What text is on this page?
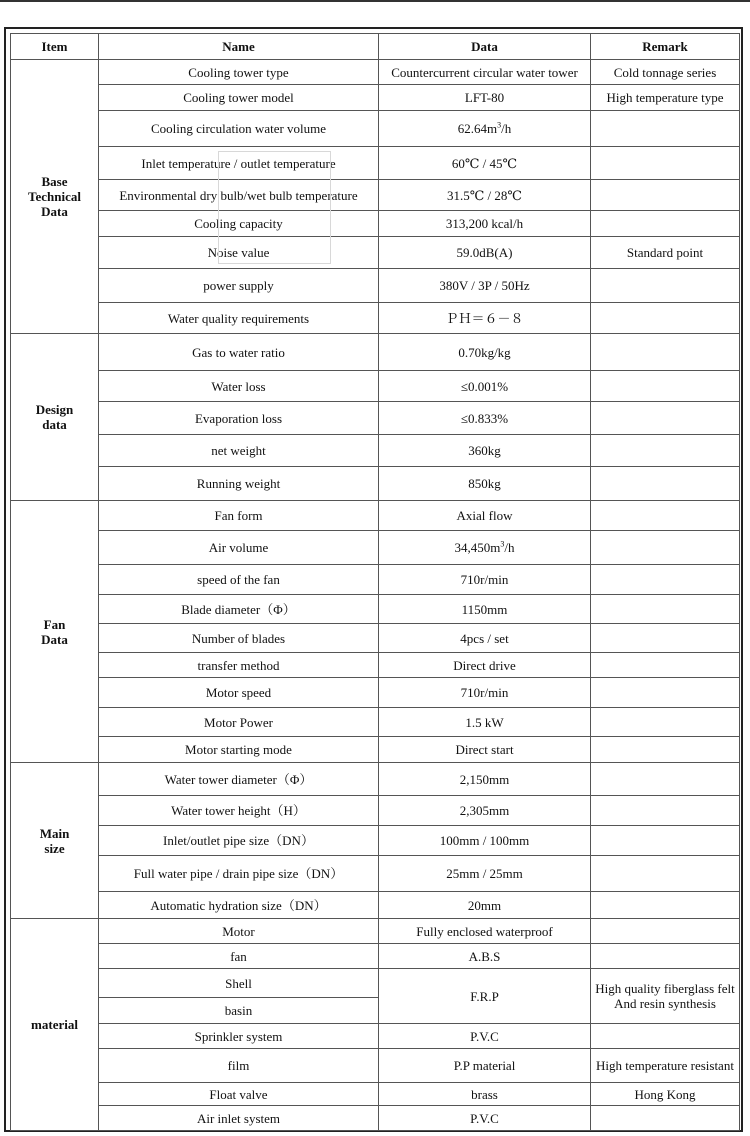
Item	Name	Data	Remark
Base
Technical
Data	Cooling tower type	Countercurrent circular water tower	Cold tonnage series
	Cooling tower model	LFT-80	High temperature type
	Cooling circulation water volume	$62.64m^3/h$	
	Inlet temperature / outlet temperature	60℃ / 45℃	
	Environmental dry bulb/wet bulb temperature	31.5℃ / 28℃	
	Cooling capacity	313,200 kcal/h	
	Noise value	59.0dB(A)	Standard point
	power supply	380V / 3P / 50Hz	
	Water quality requirements	ＰＨ＝６－８	
Design
data	Gas to water ratio	0.70kg/kg	
	Water loss	≤0.001%	
	Evaporation loss	≤0.833%	
	net weight	360kg	
	Running weight	850kg	
Fan
Data	Fan form	Axial flow	
	Air volume	$34,450m^3/h$	
	speed of the fan	710r/min	
	Blade diameter（Φ）	1150mm	
	Number of blades	4pcs / set	
	transfer method	Direct drive	
	Motor speed	710r/min	
	Motor Power	1.5 kW	
	Motor starting mode	Direct start	
Main
size	Water tower diameter（Φ）	2,150mm	
	Water tower height（H）	2,305mm	
	Inlet/outlet pipe size（DN）	100mm / 100mm	
	Full water pipe / drain pipe size（DN）	25mm / 25mm	
	Automatic hydration size（DN）	20mm	
material	Motor	Fully enclosed waterproof	
	fan	A.B.S	
	Shell	F.R.P	High quality fiberglass felt
And resin synthesis
	basin		
	Sprinkler system	P.V.C	
	film	P.P material	High temperature resistant
	Float valve	brass	Hong Kong
	Air inlet system	P.V.C	
